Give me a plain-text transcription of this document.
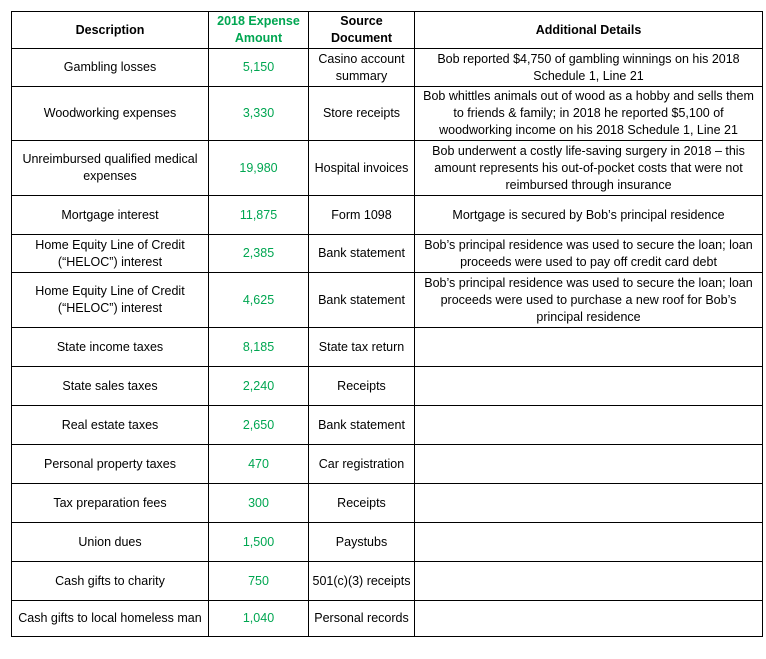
Description	2018 Expense Amount	Source Document	Additional Details
Gambling losses	5,150	Casino account summary	Bob reported $4,750 of gambling winnings on his 2018 Schedule 1, Line 21
Woodworking expenses	3,330	Store receipts	Bob whittles animals out of wood as a hobby and sells them to friends & family; in 2018 he reported $5,100 of woodworking income on his 2018 Schedule 1, Line 21
Unreimbursed qualified medical expenses	19,980	Hospital invoices	Bob underwent a costly life-saving surgery in 2018 – this amount represents his out-of-pocket costs that were not reimbursed through insurance
Mortgage interest	11,875	Form 1098	Mortgage is secured by Bob’s principal residence
Home Equity Line of Credit (“HELOC”) interest	2,385	Bank statement	Bob’s principal residence was used to secure the loan; loan proceeds were used to pay off credit card debt
Home Equity Line of Credit (“HELOC”) interest	4,625	Bank statement	Bob’s principal residence was used to secure the loan; loan proceeds were used to purchase a new roof for Bob’s principal residence
State income taxes	8,185	State tax return	
State sales taxes	2,240	Receipts	
Real estate taxes	2,650	Bank statement	
Personal property taxes	470	Car registration	
Tax preparation fees	300	Receipts	
Union dues	1,500	Paystubs	
Cash gifts to charity	750	501(c)(3) receipts	
Cash gifts to local homeless man	1,040	Personal records	
